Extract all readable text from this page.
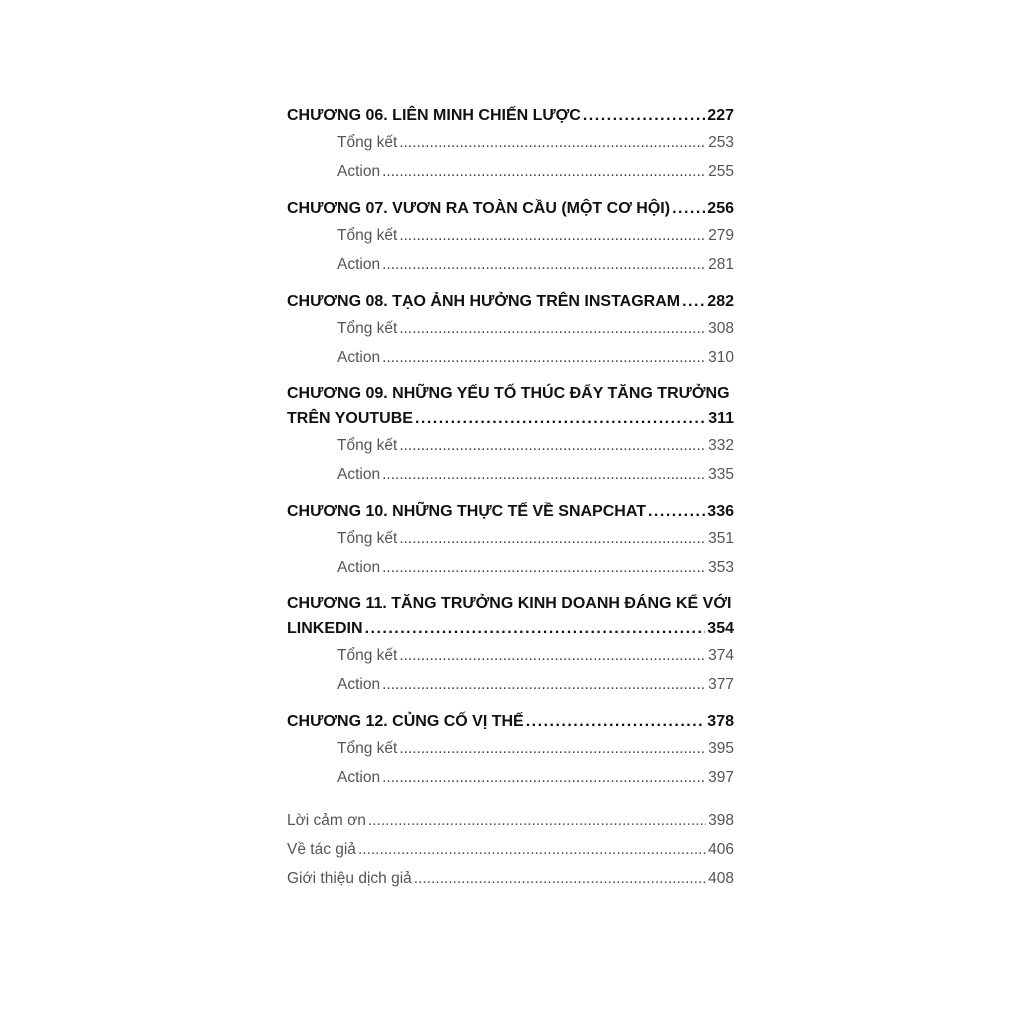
CHƯƠNG 06. LIÊN MINH CHIẾN LƯỢC .....	227
Tổng kết .....	253
Action .....	255
CHƯƠNG 07. VƯƠN RA TOÀN CẦU (MỘT CƠ HỘI) ..... 256
Tổng kết .....	279
Action .....	281
CHƯƠNG 08. TẠO ẢNH HƯỞNG TRÊN INSTAGRAM ..... 282
Tổng kết .....	308
Action .....	310
CHƯƠNG 09. NHỮNG YẾU TỐ THÚC ĐẨY TĂNG TRƯỞNG
TRÊN YOUTUBE .....	311
Tổng kết .....	332
Action .....	335
CHƯƠNG 10. NHỮNG THỰC TẾ VỀ SNAPCHAT .....	336
Tổng kết .....	351
Action .....	353
CHƯƠNG 11. TĂNG TRƯỞNG KINH DOANH ĐÁNG KỂ VỚI
LINKEDIN .....	354
Tổng kết .....	374
Action .....	377
CHƯƠNG 12. CỦNG CỐ VỊ THẾ .....	378
Tổng kết .....	395
Action .....	397
Lời cảm ơn .....	398
Về tác giả .....	406
Giới thiệu dịch giả .....	408
